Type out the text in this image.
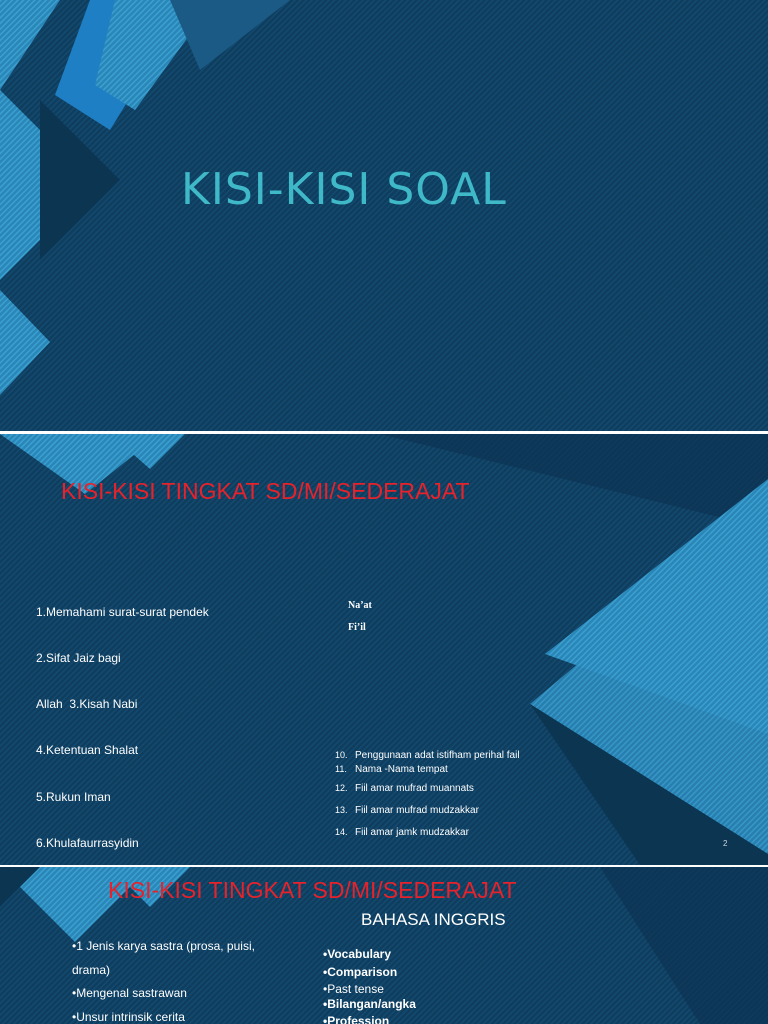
KISI-KISI SOAL
KISI-KISI TINGKAT SD/MI/SEDERAJAT

1.Memahami surat-surat pendek

2.Sifat Jaiz bagi

Allah  3.Kisah Nabi

4.Ketentuan Shalat

5.Rukun Iman

6.Khulafaurrasyidin

Na’at
Fi’il
10. Penggunaan adat istifham perihal fail
11. Nama -Nama tempat
12. Fiil amar mufrad muannats
13. Fiil amar mufrad mudzakkar
14. Fiil amar jamk mudzakkar
2
KISI-KISI TINGKAT SD/MI/SEDERAJAT
BAHASA INGGRIS
•1 Jenis karya sastra (prosa, puisi, drama)
•Mengenal sastrawan
•Unsur intrinsik cerita
•Vocabulary
•Comparison
•Past tense
•Bilangan/angka
•Profession
